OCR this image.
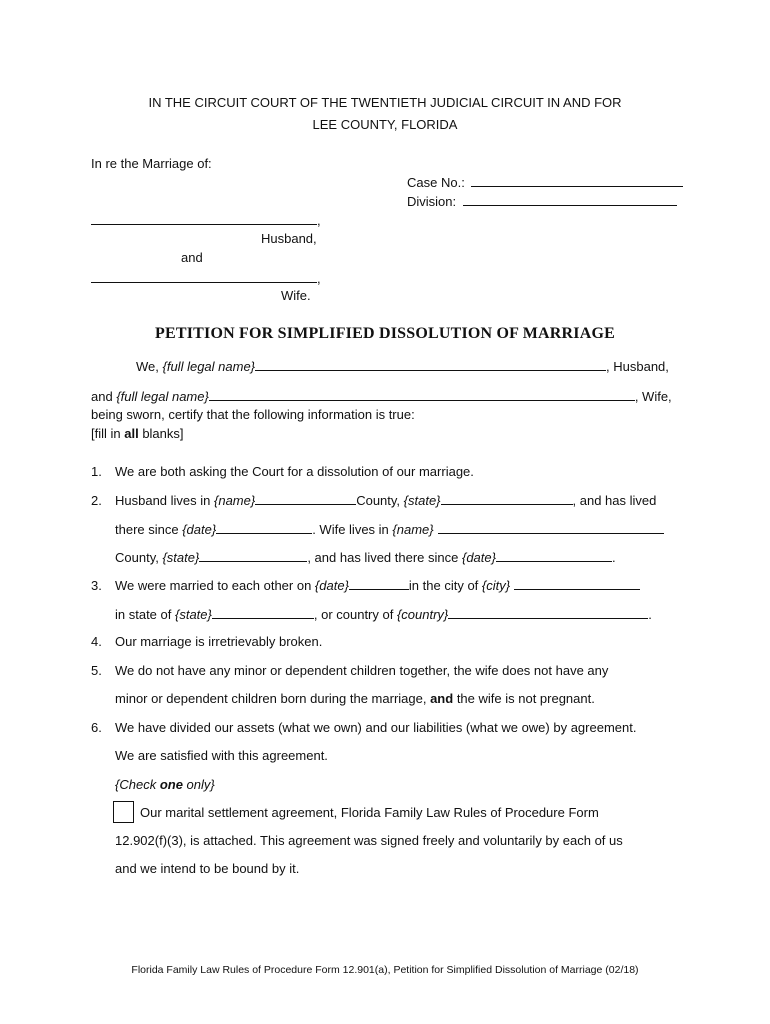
IN THE CIRCUIT COURT OF THE TWENTIETH JUDICIAL CIRCUIT IN AND FOR
LEE COUNTY, FLORIDA
In re the Marriage of:
Case No.:
Division:
,
Husband,
and
,
Wife.
PETITION FOR SIMPLIFIED DISSOLUTION OF MARRIAGE
We, {full legal name}	, Husband,
and {full legal name}	, Wife,
being sworn, certify that the following information is true:
[fill in all blanks]
1. We are both asking the Court for a dissolution of our marriage.
2. Husband lives in {name}	County, {state}	, and has lived
there since {date}	. Wife lives in {name}
County, {state}	, and has lived there since {date}	.
3. We were married to each other on {date}	in the city of {city}
in state of {state}	, or country of {country}	.
4. Our marriage is irretrievably broken.
5. We do not have any minor or dependent children together, the wife does not have any
minor or dependent children born during the marriage, and the wife is not pregnant.
6. We have divided our assets (what we own) and our liabilities (what we owe) by agreement.
We are satisfied with this agreement.
{Check one only}
Our marital settlement agreement, Florida Family Law Rules of Procedure Form
12.902(f)(3), is attached. This agreement was signed freely and voluntarily by each of us
and we intend to be bound by it.
Florida Family Law Rules of Procedure Form 12.901(a), Petition for Simplified Dissolution of Marriage (02/18)
